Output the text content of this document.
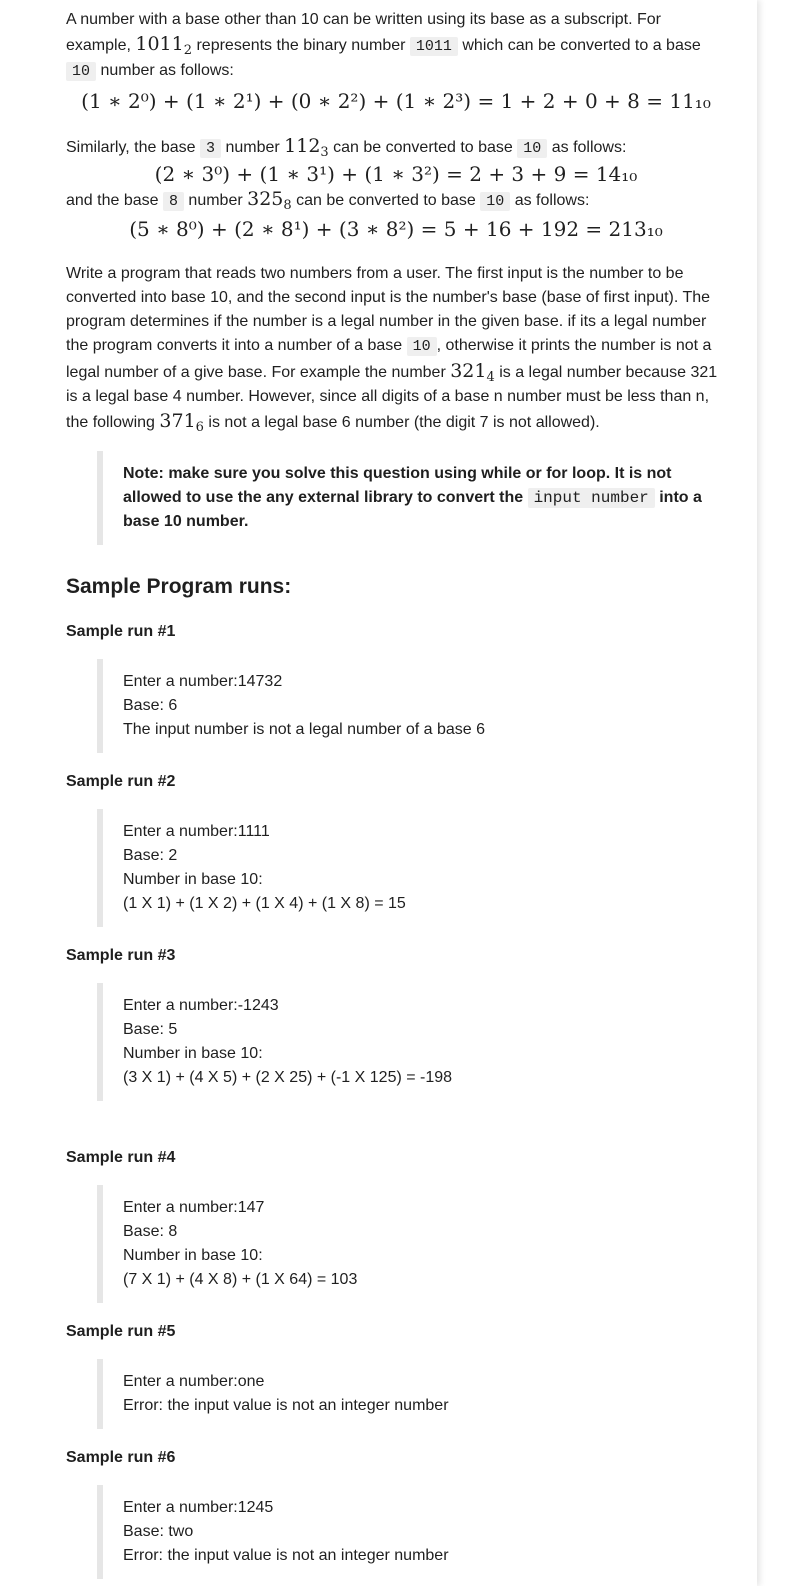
A number with a base other than 10 can be written using its base as a subscript. For example, $1011_2$ represents the binary number 1011 which can be converted to a base 10 number as follows:

(1 ∗ 2⁰) + (1 ∗ 2¹) + (0 ∗ 2²) + (1 ∗ 2³) = 1 + 2 + 0 + 8 = 11₁₀

Similarly, the base 3 number $112_3$ can be converted to base 10 as follows:

(2 ∗ 3⁰) + (1 ∗ 3¹) + (1 ∗ 3²) = 2 + 3 + 9 = 14₁₀

and the base 8 number $325_8$ can be converted to base 10 as follows:

(5 ∗ 8⁰) + (2 ∗ 8¹) + (3 ∗ 8²) = 5 + 16 + 192 = 213₁₀

Write a program that reads two numbers from a user. The first input is the number to be converted into base 10, and the second input is the number's base (base of first input). The program determines if the number is a legal number in the given base. if its a legal number the program converts it into a number of a base 10 , otherwise it prints the number is not a legal number of a give base. For example the number $321_4$ is a legal number because 321 is a legal base 4 number. However, since all digits of a base n number must be less than n, the following $371_6$ is not a legal base 6 number (the digit 7 is not allowed).

Note: make sure you solve this question using while or for loop. It is not allowed to use the any external library to convert the input number into a base 10 number.
Sample Program runs:
Sample run #1
Enter a number:14732
Base: 6
The input number is not a legal number of a base 6
Sample run #2
Enter a number:1111
Base: 2
Number in base 10:
(1 X 1) + (1 X 2) + (1 X 4) + (1 X 8) = 15
Sample run #3
Enter a number:-1243
Base: 5
Number in base 10:
(3 X 1) + (4 X 5) + (2 X 25) + (-1 X 125) = -198
Sample run #4
Enter a number:147
Base: 8
Number in base 10:
(7 X 1) + (4 X 8) + (1 X 64) = 103
Sample run #5
Enter a number:one
Error: the input value is not an integer number
Sample run #6
Enter a number:1245
Base: two
Error: the input value is not an integer number
